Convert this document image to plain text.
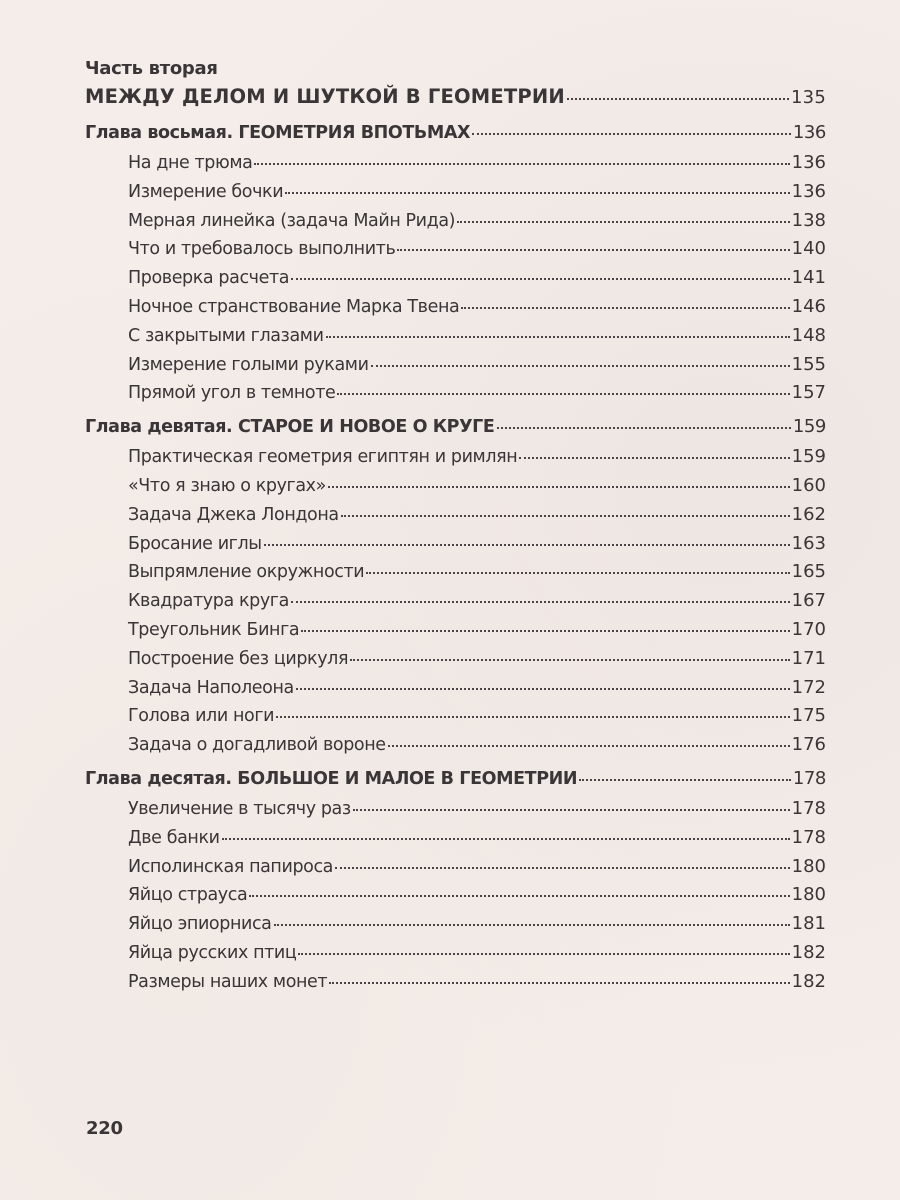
Часть вторая
МЕЖДУ ДЕЛОМ И ШУТКОЙ В ГЕОМЕТРИИ	135
Глава восьмая. ГЕОМЕТРИЯ ВПОТЬМАХ	136
На дне трюма	136
Измерение бочки	136
Мерная линейка (задача Майн Рида)	138
Что и требовалось выполнить	140
Проверка расчета	141
Ночное странствование Марка Твена	146
С закрытыми глазами	148
Измерение голыми руками	155
Прямой угол в темноте	157
Глава девятая. СТАРОЕ И НОВОЕ О КРУГЕ	159
Практическая геометрия египтян и римлян	159
«Что я знаю о кругах»	160
Задача Джека Лондона	162
Бросание иглы	163
Выпрямление окружности	165
Квадратура круга	167
Треугольник Бинга	170
Построение без циркуля	171
Задача Наполеона	172
Голова или ноги	175
Задача о догадливой вороне	176
Глава десятая. БОЛЬШОЕ И МАЛОЕ В ГЕОМЕТРИИ	178
Увеличение в тысячу раз	178
Две банки	178
Исполинская папироса	180
Яйцо страуса	180
Яйцо эпиорниса	181
Яйца русских птиц	182
Размеры наших монет	182
220
